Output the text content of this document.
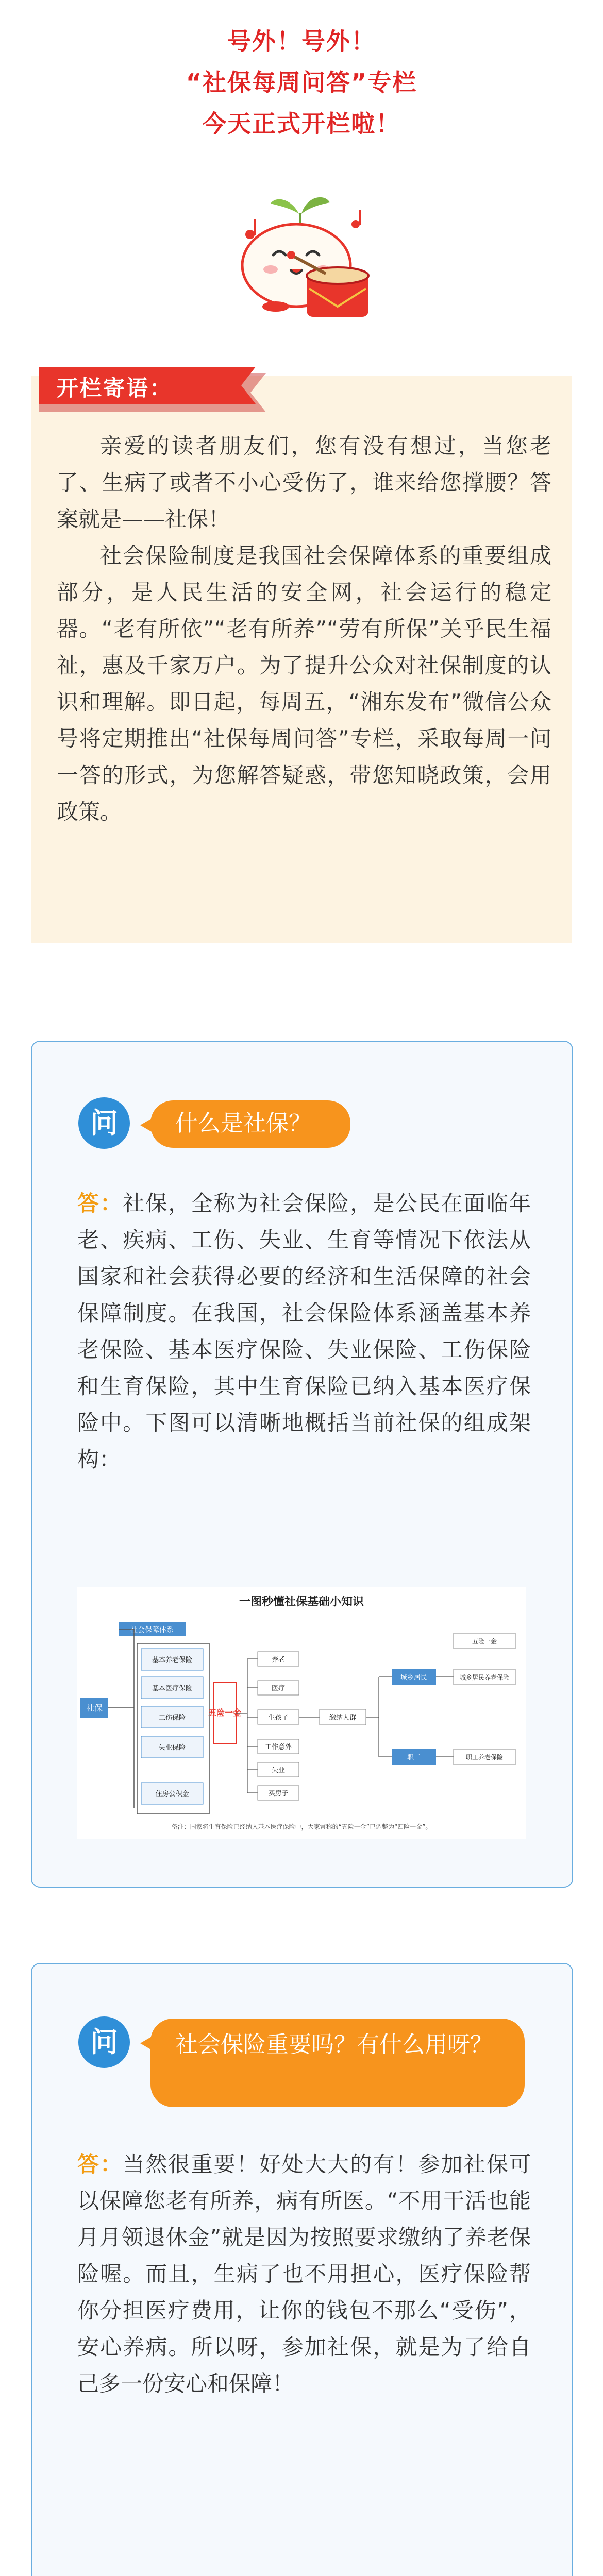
号外！号外！
“社保每周问答”专栏
今天正式开栏啦！
开栏寄语：

亲爱的读者朋友们，您有没有想过，当您老了、生病了或者不小心受伤了，谁来给您撑腰？答案就是——社保！

社会保险制度是我国社会保障体系的重要组成部分，是人民生活的安全网，社会运行的稳定器。“老有所依”“老有所养”“劳有所保”关乎民生福祉，惠及千家万户。为了提升公众对社保制度的认识和理解。即日起，每周五，“湘东发布”微信公众号将定期推出“社保每周问答”专栏，采取每周一问一答的形式，为您解答疑惑，带您知晓政策，会用政策。

问	什么是社保？
答：社保，全称为社会保险，是公民在面临年老、疾病、工伤、失业、生育等情况下依法从国家和社会获得必要的经济和生活保障的社会保障制度。在我国，社会保险体系涵盖基本养老保险、基本医疗保险、失业保险、工伤保险和生育保险，其中生育保险已纳入基本医疗保险中。下图可以清晰地概括当前社保的组成架构：
一图秒懂社保基础小知识
社会保障体系
社保
基本养老保险
基本医疗保险
工伤保险
失业保险
住房公积金
五险一金
养老
医疗
生孩子
工作意外
失业
买房子
缴纳人群
城乡居民
职工
城乡居民养老保险
职工养老保险
五险一金
备注：国家将生育保险已经纳入基本医疗保险中，大家常称的“五险一金”已调整为“四险一金”。
问	社会保险重要吗？有什么用呀？
答：当然很重要！好处大大的有！参加社保可以保障您老有所养，病有所医。“不用干活也能月月领退休金”就是因为按照要求缴纳了养老保险喔。而且，生病了也不用担心，医疗保险帮你分担医疗费用，让你的钱包不那么“受伤”，安心养病。所以呀，参加社保，就是为了给自己多一份安心和保障！
